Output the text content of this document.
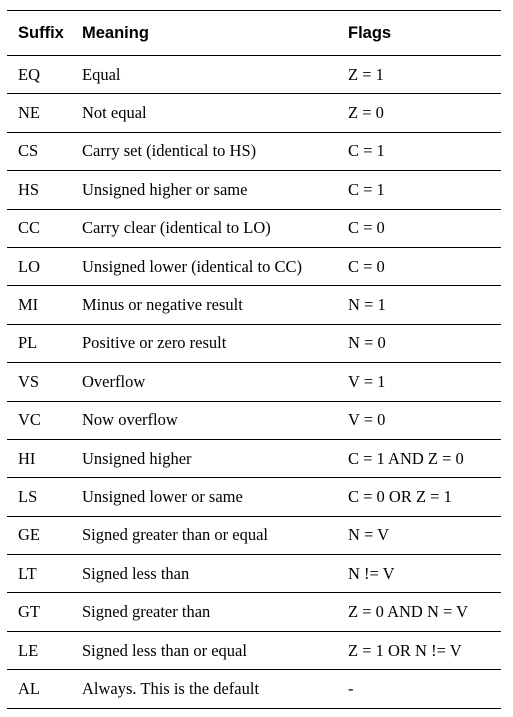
Suffix	Meaning	Flags
EQ	Equal	Z = 1
NE	Not equal	Z = 0
CS	Carry set (identical to HS)	C = 1
HS	Unsigned higher or same	C = 1
CC	Carry clear (identical to LO)	C = 0
LO	Unsigned lower (identical to CC)	C = 0
MI	Minus or negative result	N = 1
PL	Positive or zero result	N = 0
VS	Overflow	V = 1
VC	Now overflow	V = 0
HI	Unsigned higher	C = 1 AND Z = 0
LS	Unsigned lower or same	C = 0 OR Z = 1
GE	Signed greater than or equal	N = V
LT	Signed less than	N != V
GT	Signed greater than	Z = 0 AND N = V
LE	Signed less than or equal	Z = 1 OR N != V
AL	Always. This is the default	-
